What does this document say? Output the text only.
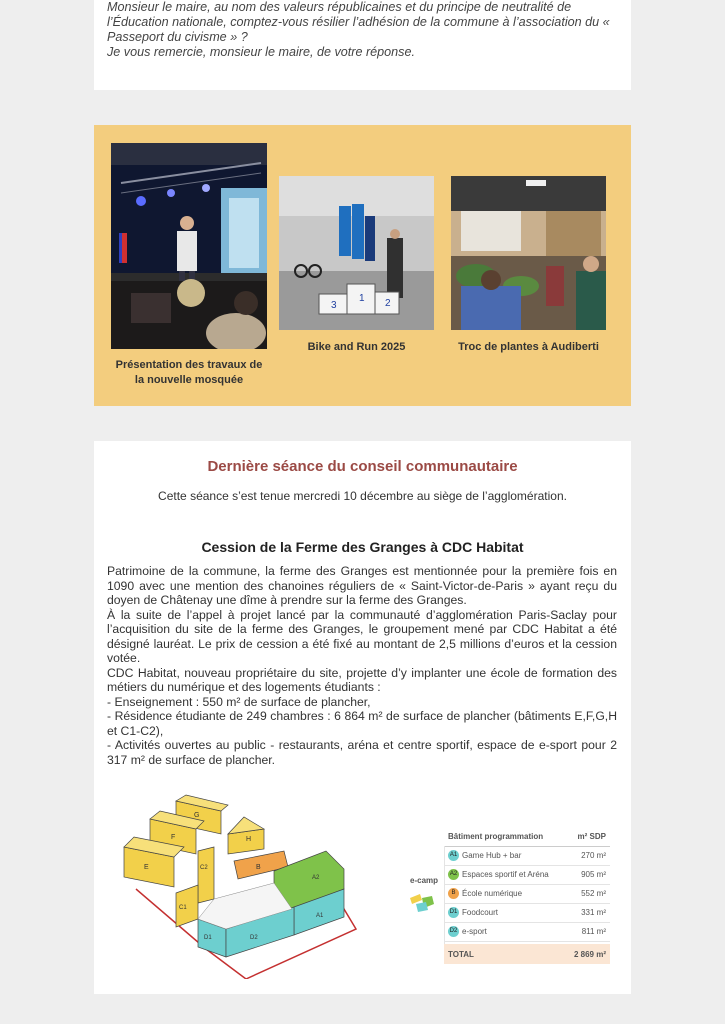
Monsieur le maire, au nom des valeurs républicaines et du principe de neutralité de

l’Éducation nationale, comptez-vous résilier l’adhésion de la commune à l’association du «

Passeport du civisme » ?

Je vous remercie, monsieur le maire, de votre réponse.

Présentation des travaux de
la nouvelle mosquée
3
1 2
Bike and Run 2025	Troc de plantes à Audiberti
Dernière séance du conseil communautaire
Cette séance s’est tenue mercredi 10 décembre au siège de l’agglomération.
Cession de la Ferme des Granges à CDC Habitat

Patrimoine de la commune, la ferme des Granges est mentionnée pour la première fois en 1090 avec une mention des chanoines réguliers de « Saint-Victor-de-Paris » ayant reçu du doyen de Châtenay une dîme à prendre sur la ferme des Granges.

À la suite de l’appel à projet lancé par la communauté d’agglomération Paris-Saclay pour l’acquisition du site de la ferme des Granges, le groupement mené par CDC Habitat a été désigné lauréat. Le prix de cession a été fixé au montant de 2,5 millions d’euros et la cession votée.

CDC Habitat, nouveau propriétaire du site, projette d’y implanter une école de formation des métiers du numérique et des logements étudiants :

- Enseignement : 550 m² de surface de plancher,

- Résidence étudiante de 249 chambres : 6 864 m² de surface de plancher (bâtiments E,F,G,H et C1-C2),

- Activités ouvertes au public - restaurants, aréna et centre sportif, espace de e-sport pour 2 317 m² de surface de plancher.

G
H
F
E	C2	B
A2
C1
A1
D1	D2
Bâtiment programmation	m² SDP
e-camp
A1 Game Hub + bar	270 m²
A2 Espaces sportif et Aréna	905 m²
B École numérique	552 m²
D1 Foodcourt	331 m²
D2 e-sport	811 m²
TOTAL	2 869 m²
